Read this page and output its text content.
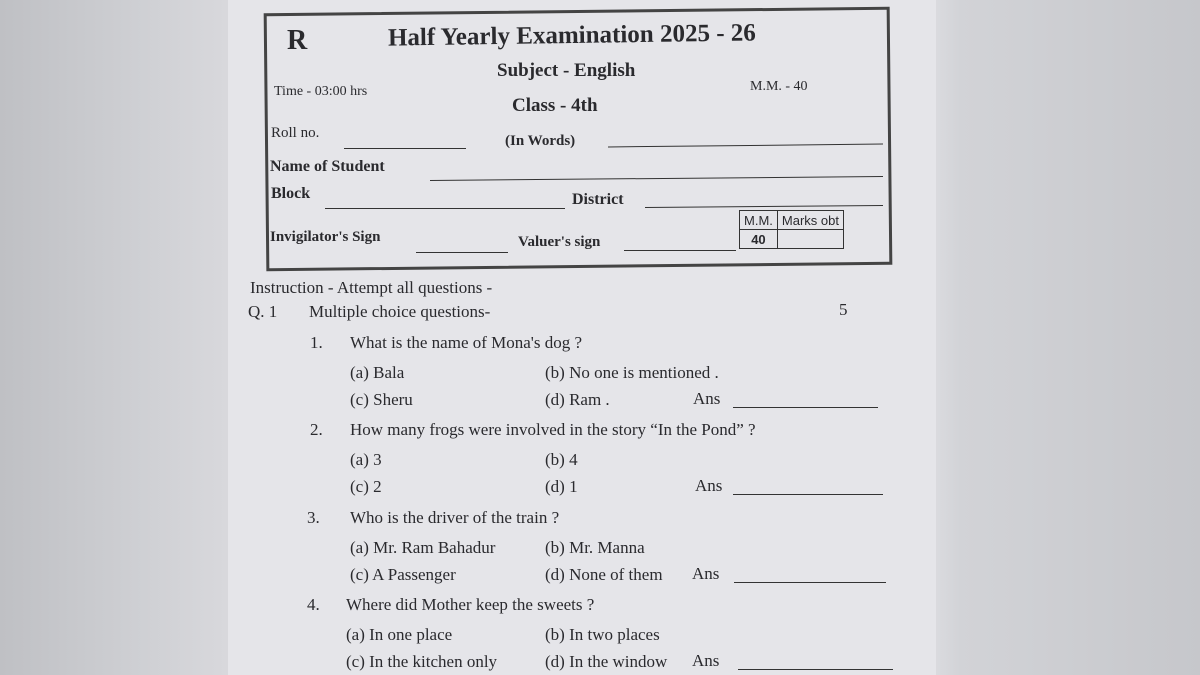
R	Half Yearly Examination 2025 - 26
Subject - English
Time - 03:00 hrs
Class - 4th
M.M. - 40
Roll no.	(In Words)
Name of Student
Block	District
Invigilator's Sign	Valuer's sign
M.M.	Marks obt
40	
Instruction - Attempt all questions -
Q. 1 Multiple choice questions-	5
1. What is the name of Mona's dog ?
(a) Bala	(b) No one is mentioned .
(c) Sheru	(d) Ram .	Ans
2. How many frogs were involved in the story “In the Pond” ?
(a) 3	(b) 4
(c) 2	(d) 1	Ans
3. Who is the driver of the train ?
(a) Mr. Ram Bahadur	(b) Mr. Manna
(c) A Passenger	(d) None of them Ans
4. Where did Mother keep the sweets ?
(a) In one place	(b) In two places
(c) In the kitchen only	(d) In the window Ans
